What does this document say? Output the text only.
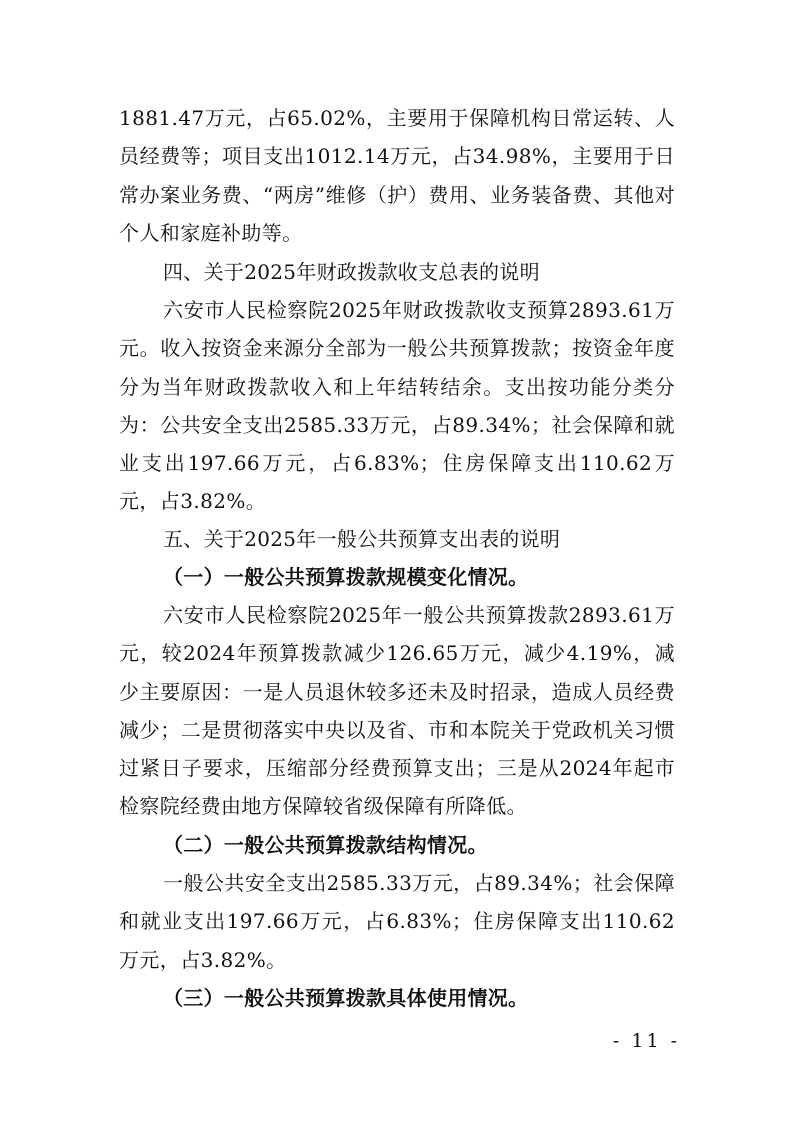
1881.47万元，占65.02%，主要用于保障机构日常运转、人员经费等；项目支出1012.14万元，占34.98%，主要用于日常办案业务费、“两房”维修（护）费用、业务装备费、其他对个人和家庭补助等。

四、关于2025年财政拨款收支总表的说明

六安市人民检察院2025年财政拨款收支预算2893.61万元。收入按资金来源分全部为一般公共预算拨款；按资金年度分为当年财政拨款收入和上年结转结余。支出按功能分类分为：公共安全支出2585.33万元，占89.34%；社会保障和就业支出197.66万元，占6.83%；住房保障支出110.62万元，占3.82%。

五、关于2025年一般公共预算支出表的说明

（一）一般公共预算拨款规模变化情况。

六安市人民检察院2025年一般公共预算拨款2893.61万元，较2024年预算拨款减少126.65万元，减少4.19%，减少主要原因：一是人员退休较多还未及时招录，造成人员经费减少；二是贯彻落实中央以及省、市和本院关于党政机关习惯过紧日子要求，压缩部分经费预算支出；三是从2024年起市检察院经费由地方保障较省级保障有所降低。

（二）一般公共预算拨款结构情况。

一般公共安全支出2585.33万元，占89.34%；社会保障和就业支出197.66万元，占6.83%；住房保障支出110.62万元，占3.82%。

（三）一般公共预算拨款具体使用情况。

- 11 -
